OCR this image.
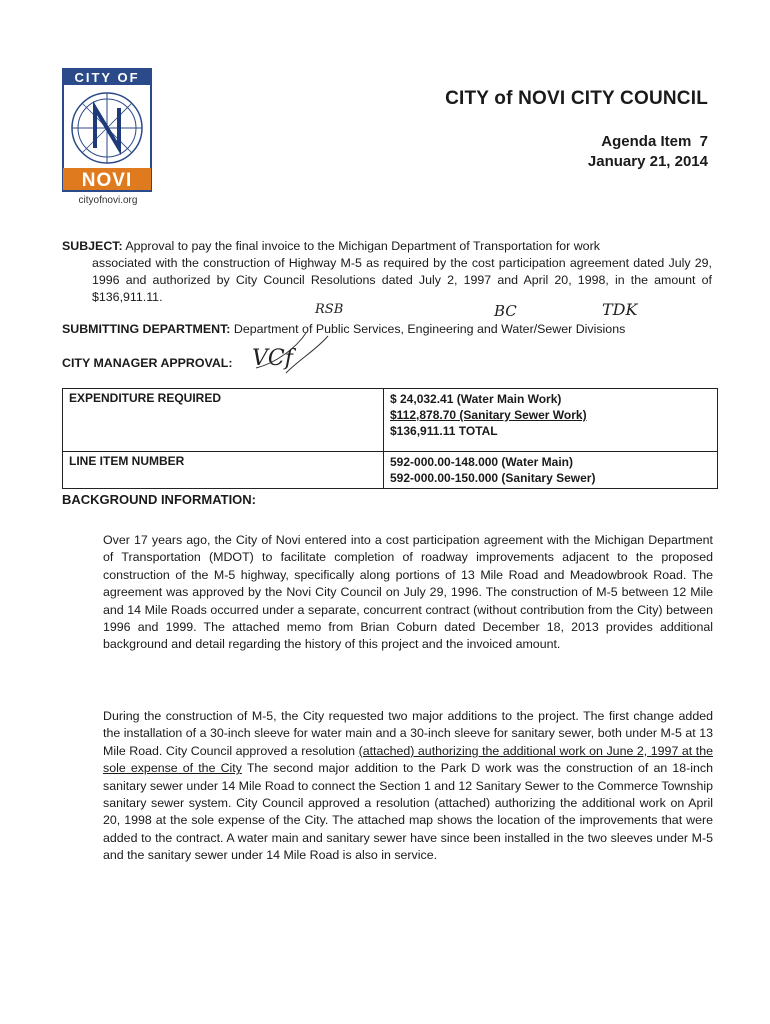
CITY OF
NOVI
cityofnovi.org
CITY of NOVI CITY COUNCIL
Agenda Item  7
January 21, 2014
SUBJECT: Approval to pay the final invoice to the Michigan Department of Transportation for work
associated with the construction of Highway M-5 as required by the cost participation agreement dated July 29, 1996 and authorized by City Council Resolutions dated July 2, 1997 and April 20, 1998, in the amount of $136,911.11.
RSB	BC	TDK
SUBMITTING DEPARTMENT: Department of Public Services, Engineering and Water/Sewer Divisions
CITY MANAGER APPROVAL: VCf
EXPENDITURE REQUIRED	$ 24,032.41 (Water Main Work)
$112,878.70 (Sanitary Sewer Work)
$136,911.11 TOTAL

LINE ITEM NUMBER	592-000.00-148.000 (Water Main)
592-000.00-150.000 (Sanitary Sewer)
BACKGROUND INFORMATION:
Over 17 years ago, the City of Novi entered into a cost participation agreement with the Michigan Department of Transportation (MDOT) to facilitate completion of roadway improvements adjacent to the proposed construction of the M-5 highway, specifically along portions of 13 Mile Road and Meadowbrook Road. The agreement was approved by the Novi City Council on July 29, 1996. The construction of M-5 between 12 Mile and 14 Mile Roads occurred under a separate, concurrent contract (without contribution from the City) between 1996 and 1999. The attached memo from Brian Coburn dated December 18, 2013 provides additional background and detail regarding the history of this project and the invoiced amount.
During the construction of M-5, the City requested two major additions to the project. The first change added the installation of a 30-inch sleeve for water main and a 30-inch sleeve for sanitary sewer, both under M-5 at 13 Mile Road. City Council approved a resolution (attached) authorizing the additional work on June 2, 1997 at the sole expense of the City The second major addition to the Park D work was the construction of an 18-inch sanitary sewer under 14 Mile Road to connect the Section 1 and 12 Sanitary Sewer to the Commerce Township sanitary sewer system. City Council approved a resolution (attached) authorizing the additional work on April 20, 1998 at the sole expense of the City. The attached map shows the location of the improvements that were added to the contract. A water main and sanitary sewer have since been installed in the two sleeves under M-5 and the sanitary sewer under 14 Mile Road is also in service.
